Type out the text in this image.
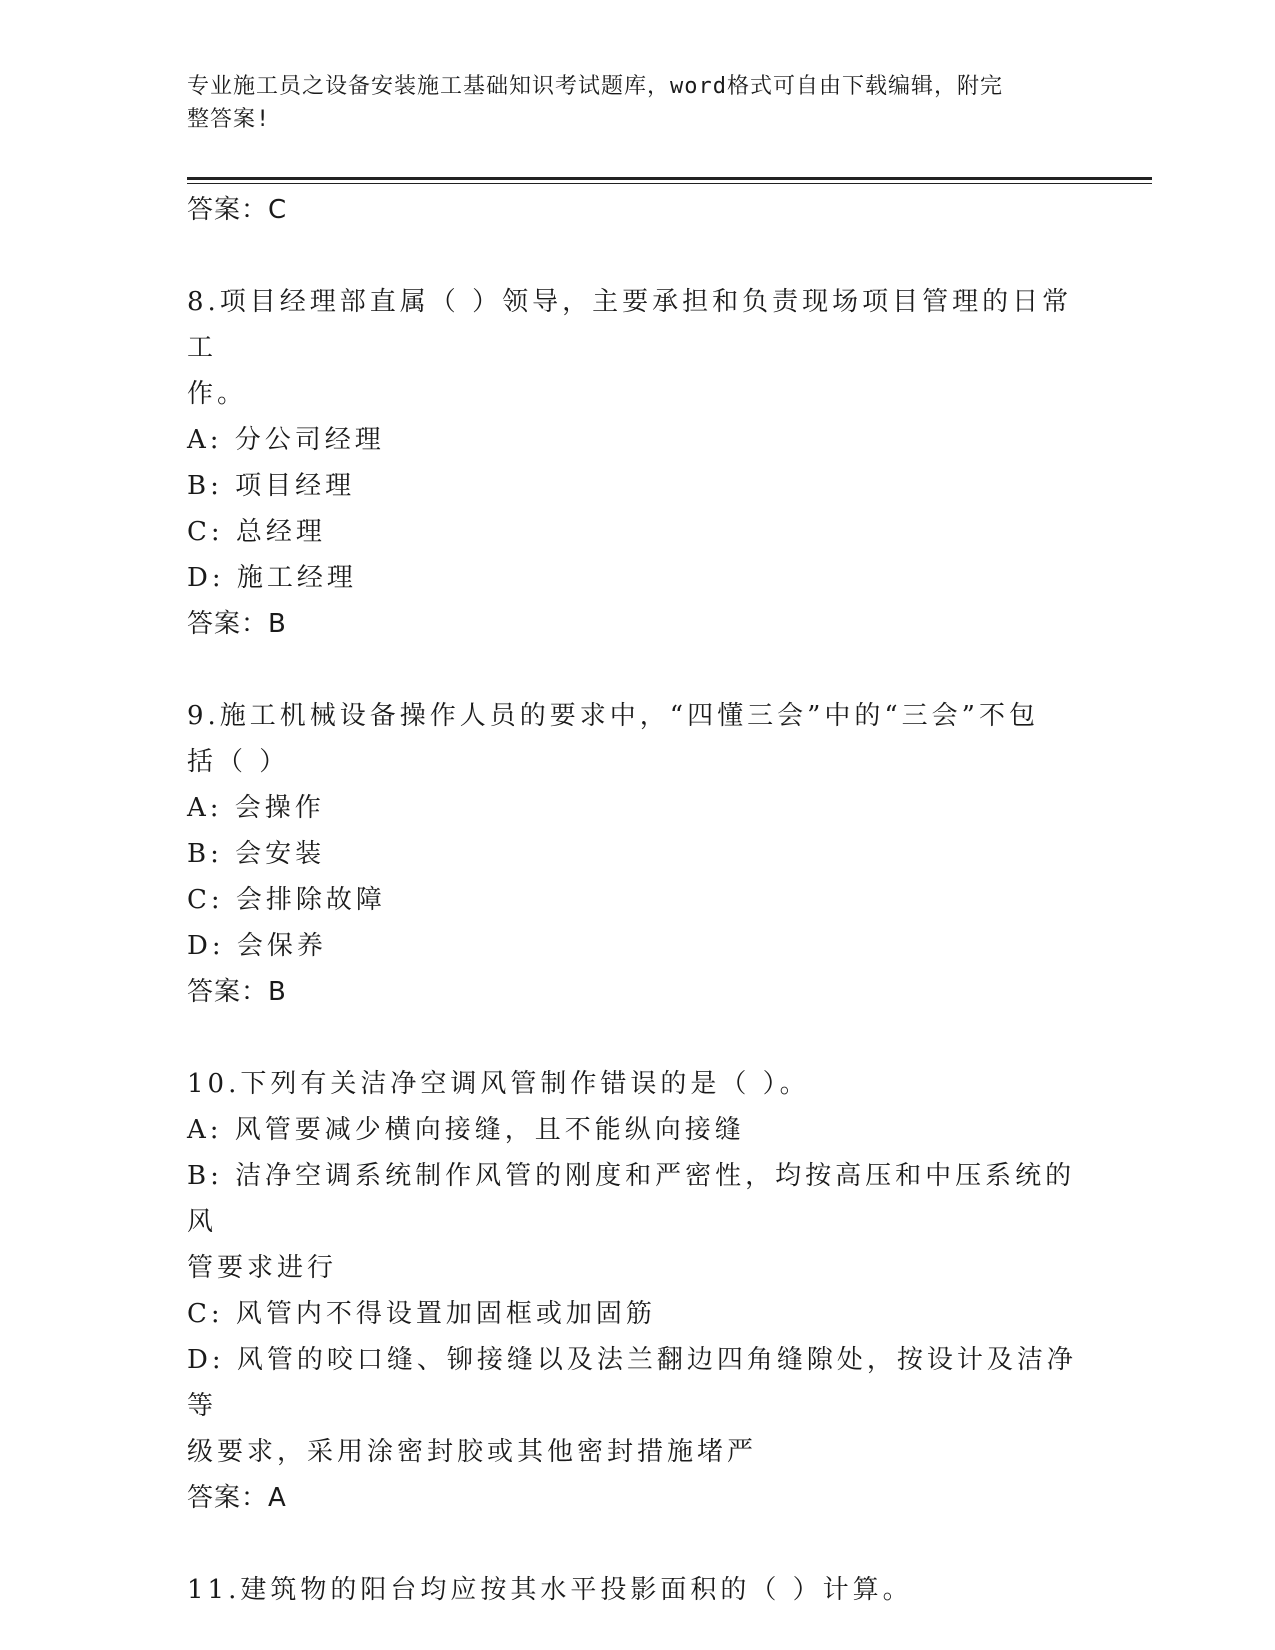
专业施工员之设备安装施工基础知识考试题库，word格式可自由下载编辑，附完
整答案!
答案：C
8.项目经理部直属（ ）领导，主要承担和负责现场项目管理的日常工
作。
A: 分公司经理
B: 项目经理
C: 总经理
D: 施工经理
答案：B
9.施工机械设备操作人员的要求中，“四懂三会”中的“三会”不包
括（ ）
A: 会操作
B: 会安装
C: 会排除故障
D: 会保养
答案：B
10.下列有关洁净空调风管制作错误的是（ ）。
A: 风管要减少横向接缝，且不能纵向接缝
B: 洁净空调系统制作风管的刚度和严密性，均按高压和中压系统的风
管要求进行
C: 风管内不得设置加固框或加固筋
D: 风管的咬口缝、铆接缝以及法兰翻边四角缝隙处，按设计及洁净等
级要求，采用涂密封胶或其他密封措施堵严
答案：A
11.建筑物的阳台均应按其水平投影面积的（ ）计算。
